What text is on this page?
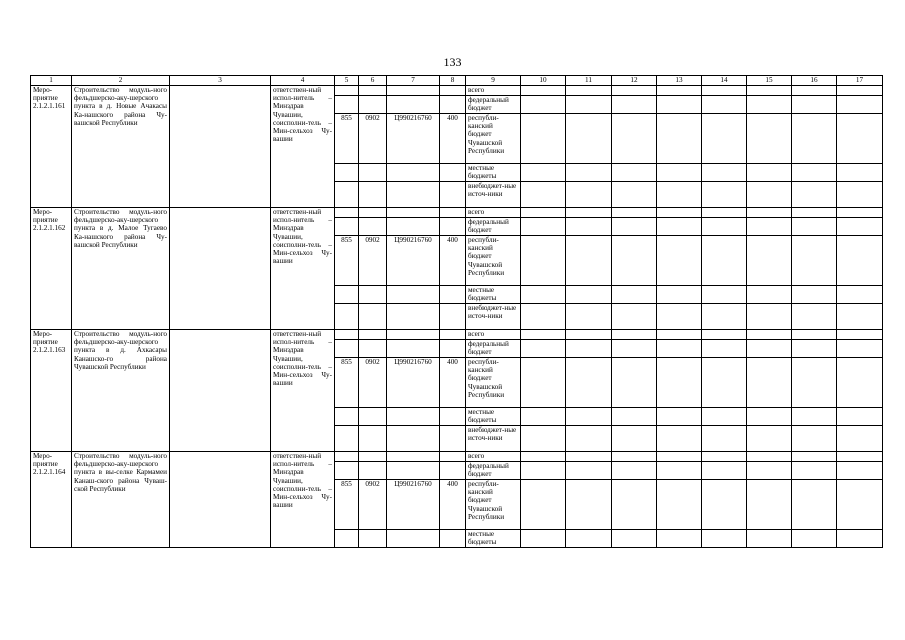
133
1	2	3	4	5	6	7	8	9	10	11	12	13	14	15	16	17
Меро-приятие 2.1.2.1.161	Строительство модуль-ного фельдшерско-аку-шерского пункта в д. Новые Ачакасы Ка-нашского района Чу-вашской Республики		ответствен-ный испол-нитель – Минздрав Чувашии, соисполни-тель – Мин-сельхоз Чу-вашии					всего								
								федеральный бюджет								
				855	0902	Ц990216760	400	республи-канский бюджет Чувашской Республики								
								местные бюджеты								
								внебюджет-ные источ-ники								
Меро-приятие 2.1.2.1.162	Строительство модуль-ного фельдшерско-аку-шерского пункта в д. Малое Тугаево Ка-нашского района Чу-вашской Республики		ответствен-ный испол-нитель – Минздрав Чувашии, соисполни-тель – Мин-сельхоз Чу-вашии					всего								
								федеральный бюджет								
				855	0902	Ц990216760	400	республи-канский бюджет Чувашской Республики								
								местные бюджеты								
								внебюджет-ные источ-ники								
Меро-приятие 2.1.2.1.163	Строительство модуль-ного фельдшерско-аку-шерского пункта в д. Ахкасары Канашско-го района Чувашской Республики		ответствен-ный испол-нитель – Минздрав Чувашии, соисполни-тель – Мин-сельхоз Чу-вашии					всего								
								федеральный бюджет								
				855	0902	Ц990216760	400	республи-канский бюджет Чувашской Республики								
								местные бюджеты								
								внебюджет-ные источ-ники								
Меро-приятие 2.1.2.1.164	Строительство модуль-ного фельдшерско-аку-шерского пункта в вы-селке Кармамеи Канаш-ского района Чуваш-ской Республики		ответствен-ный испол-нитель – Минздрав Чувашии, соисполни-тель – Мин-сельхоз Чу-вашии					всего								
								федеральный бюджет								
				855	0902	Ц990216760	400	республи-канский бюджет Чувашской Республики								
								местные бюджеты								
